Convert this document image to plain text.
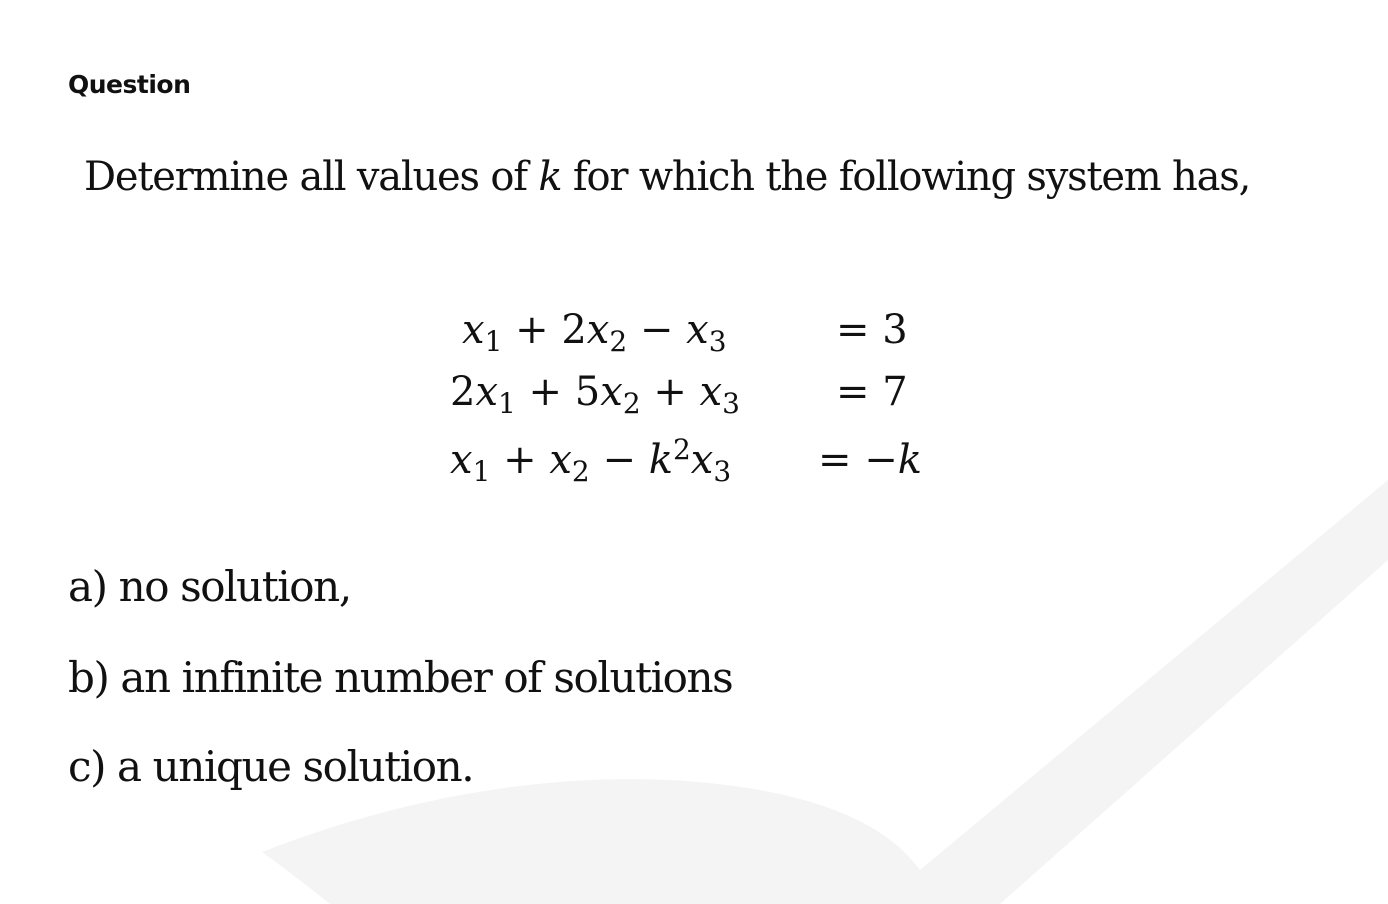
Question
Determine all values of k for which the following system has,
$x_1 + 2x_2 - x_3$	= 3
$2x_1 + 5x_2 + x_3 = 7$
$x_1 + x_2 - k^2x_3 = -k$
a) no solution,
b) an infinite number of solutions
c) a unique solution.
